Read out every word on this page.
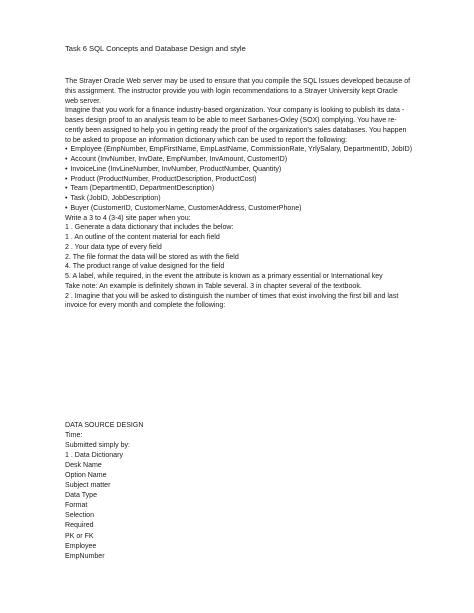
Task 6 SQL Concepts and Database Design and style
The Strayer Oracle Web server may be used to ensure that you compile the SQL Issues developed because of
this assignment. The instructor provide you with login recommendations to a Strayer University kept Oracle
web server.
Imagine that you work for a finance industry-based organization. Your company is looking to publish its data -
bases design proof to an analysis team to be able to meet Sarbanes-Oxley (SOX) complying. You have re-
cently been assigned to help you in getting ready the proof of the organization's sales databases. You happen
to be asked to propose an information dictionary which can be used to report the following:
• Employee (EmpNumber, EmpFirstName, EmpLastName, CommissionRate, YrlySalary, DepartmentID, JobID)
• Account (InvNumber, InvDate, EmpNumber, InvAmount, CustomerID)
• InvoiceLine (InvLineNumber, InvNumber, ProductNumber, Quantity)
• Product (ProductNumber, ProductDescription, ProductCost)
• Team (DepartmentID, DepartmentDescription)
• Task (JobID, JobDescription)
• Buyer (CustomerID, CustomerName, CustomerAddress, CustomerPhone)
Write a 3 to 4 (3-4) site paper when you:
1 . Generate a data dictionary that includes the below:
1 . An outline of the content material for each field
2 . Your data type of every field
2. The file format the data will be stored as with the field
4. The product range of value designed for the field
5. A label, while required, in the event the attribute is known as a primary essential or International key
Take note: An example is definitely shown in Table several. 3 in chapter several of the textbook.
2 . Imagine that you will be asked to distinguish the number of times that exist involving the first bill and last
invoice for every month and complete the following:
DATA SOURCE DESIGN
Time:
Submitted simply by:
1 . Data Dictionary
Desk Name
Option Name
Subject matter
Data Type
Format
Selection
Required
PK or FK
Employee
EmpNumber
